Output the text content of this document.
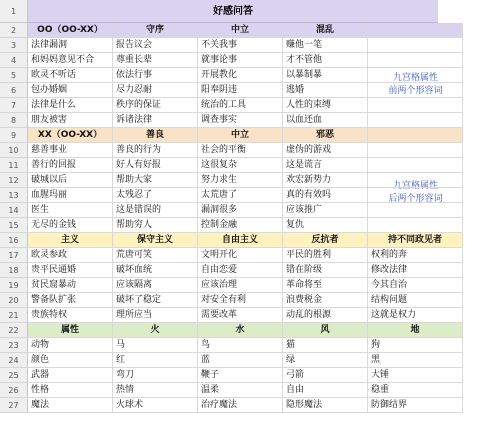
1	好感问答
九宫格属性
前两个形容词
九宫格属性
后两个形容词
2	OO（OO-XX）	守序	中立	混乱
3	法律漏洞	报告议会	不关我事	赚他一笔
4	和妈妈意见不合	尊重长辈	就事论事	才不管他
5	欧灵不听话	依法行事	开展教化	以暴制暴
6	包办婚姻	尽力忍耐	阳奉阴违	逃婚
7	法律是什么	秩序的保证	统治的工具	人性的束缚
8	朋友被害	诉诸法律	调查事实	以血还血
9	XX（OO-XX）	善良	中立	邪恶
10	慈善事业	善良的行为	社会的平衡	虚伪的游戏
11	善行的回报	好人有好报	这很复杂	这是谎言
12	破城以后	帮助大家	努力求生	欢宏新势力
13	血腥玛丽	太残忍了	太荒唐了	真的有效吗
14	医生	这是错误的	漏洞很多	应该推广
15	无尽的金钱	帮助穷人	控制金融	复仇
16	主义	保守主义	自由主义	反抗者	持不同政见者
17	欧灵参政	荒唐可笑	文明开化	平民的胜利	权利的奔
18	贵平民通婚	破坏血统	自由恋爱	错在阶级	修改法律
19	贫民窟暴动	应该隔离	应该治理	革命将至	今其自治
20	警备队扩张	破坏了稳定	对安全有利	浪费税金	结构问题
21	贵族特权	理所应当	需要改革	动乱的根源	这就是权力
22	属性	火	水	风	地
23	动物	马	鸟	猫	狗
24	颜色	红	蓝	绿	黑
25	武器	弯刀	鞭子	弓箭	大锤
26	性格	热情	温柔	自由	稳重
27	魔法	火球术	治疗魔法	隐形魔法	防御结界
